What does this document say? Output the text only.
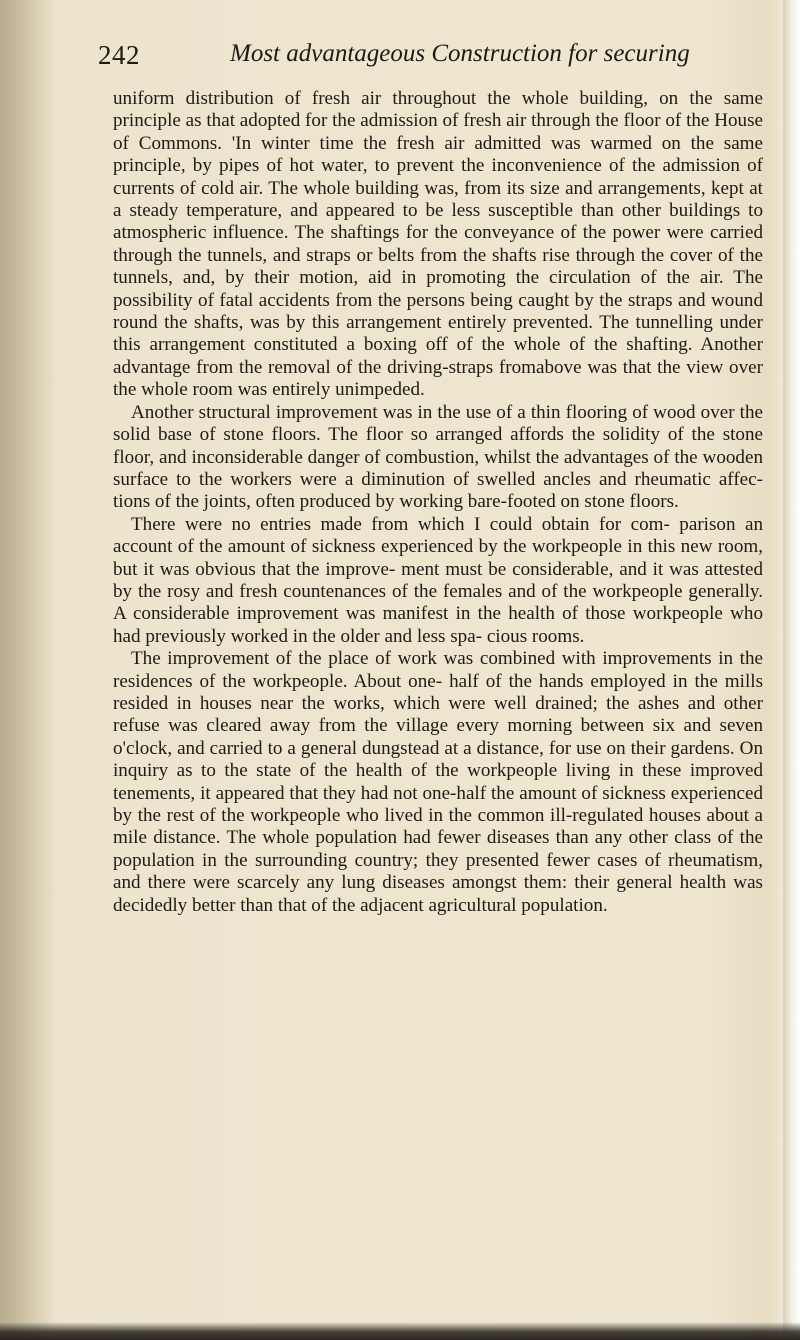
242	Most advantageous Construction for securing

uniform distribution of fresh air throughout the whole building, on the same principle as that adopted for the admission of fresh air through the floor of the House of Commons. 'In winter time the fresh air admitted was warmed on the same principle, by pipes of hot water, to prevent the inconvenience of the admission of currents of cold air. The whole building was, from its size and arrangements, kept at a steady temperature, and appeared to be less susceptible than other buildings to atmospheric influence. The shaftings for the conveyance of the power were carried through the tunnels, and straps or belts from the shafts rise through the cover of the tunnels, and, by their motion, aid in promoting the circulation of the air. The possibility of fatal accidents from the persons being caught by the straps and wound round the shafts, was by this arrangement entirely prevented. The tunnelling under this arrangement constituted a boxing off of the whole of the shafting. Another advantage from the removal of the driving-straps fromabove was that the view over the whole room was entirely unimpeded.

Another structural improvement was in the use of a thin flooring of wood over the solid base of stone floors. The floor so arranged affords the solidity of the stone floor, and inconsiderable danger of combustion, whilst the advantages of the wooden surface to the workers were a diminution of swelled ancles and rheumatic affec- tions of the joints, often produced by working bare-footed on stone floors.

There were no entries made from which I could obtain for com- parison an account of the amount of sickness experienced by the workpeople in this new room, but it was obvious that the improve- ment must be considerable, and it was attested by the rosy and fresh countenances of the females and of the workpeople generally. A considerable improvement was manifest in the health of those workpeople who had previously worked in the older and less spa- cious rooms.

The improvement of the place of work was combined with improvements in the residences of the workpeople. About one- half of the hands employed in the mills resided in houses near the works, which were well drained; the ashes and other refuse was cleared away from the village every morning between six and seven o'clock, and carried to a general dungstead at a distance, for use on their gardens. On inquiry as to the state of the health of the workpeople living in these improved tenements, it appeared that they had not one-half the amount of sickness experienced by the rest of the workpeople who lived in the common ill-regulated houses about a mile distance. The whole population had fewer diseases than any other class of the population in the surrounding country; they presented fewer cases of rheumatism, and there were scarcely any lung diseases amongst them: their general health was decidedly better than that of the adjacent agricultural population.
